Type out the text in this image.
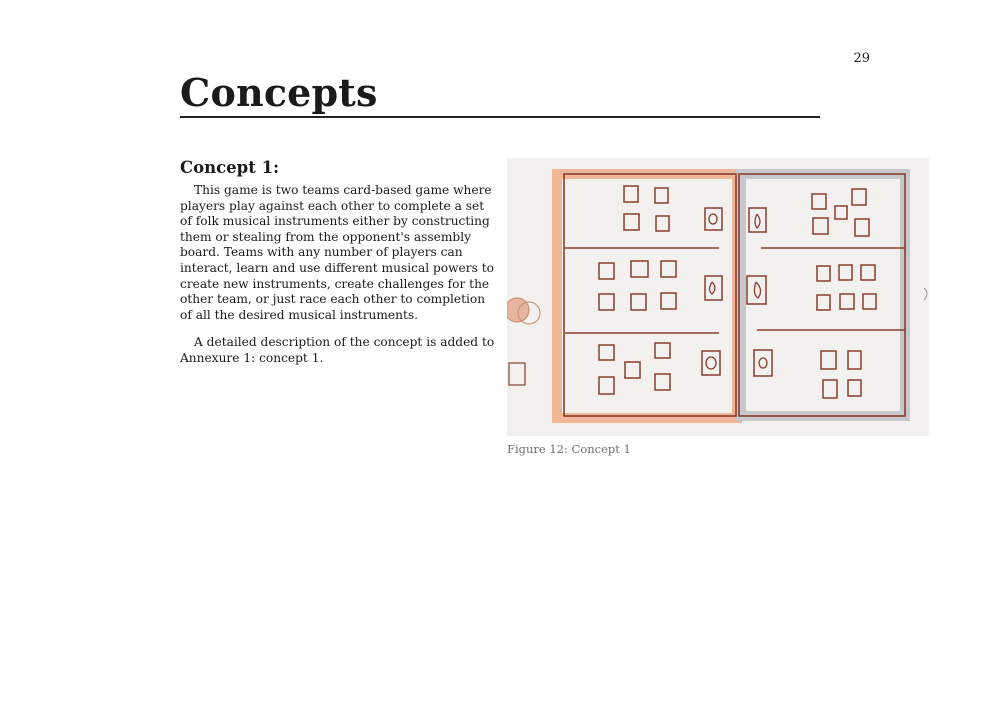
29
Concepts
Concept 1:

This game is two teams card-based game where players play against each other to complete a set of folk musical instruments either by constructing them or stealing from the opponent's assembly board. Teams with any number of players can interact, learn and use different musical powers to create new instruments, create challenges for the other team, or just race each other to completion of all the desired musical instruments.

A detailed description of the concept is added to Annexure 1: concept 1.

Figure 12: Concept 1
